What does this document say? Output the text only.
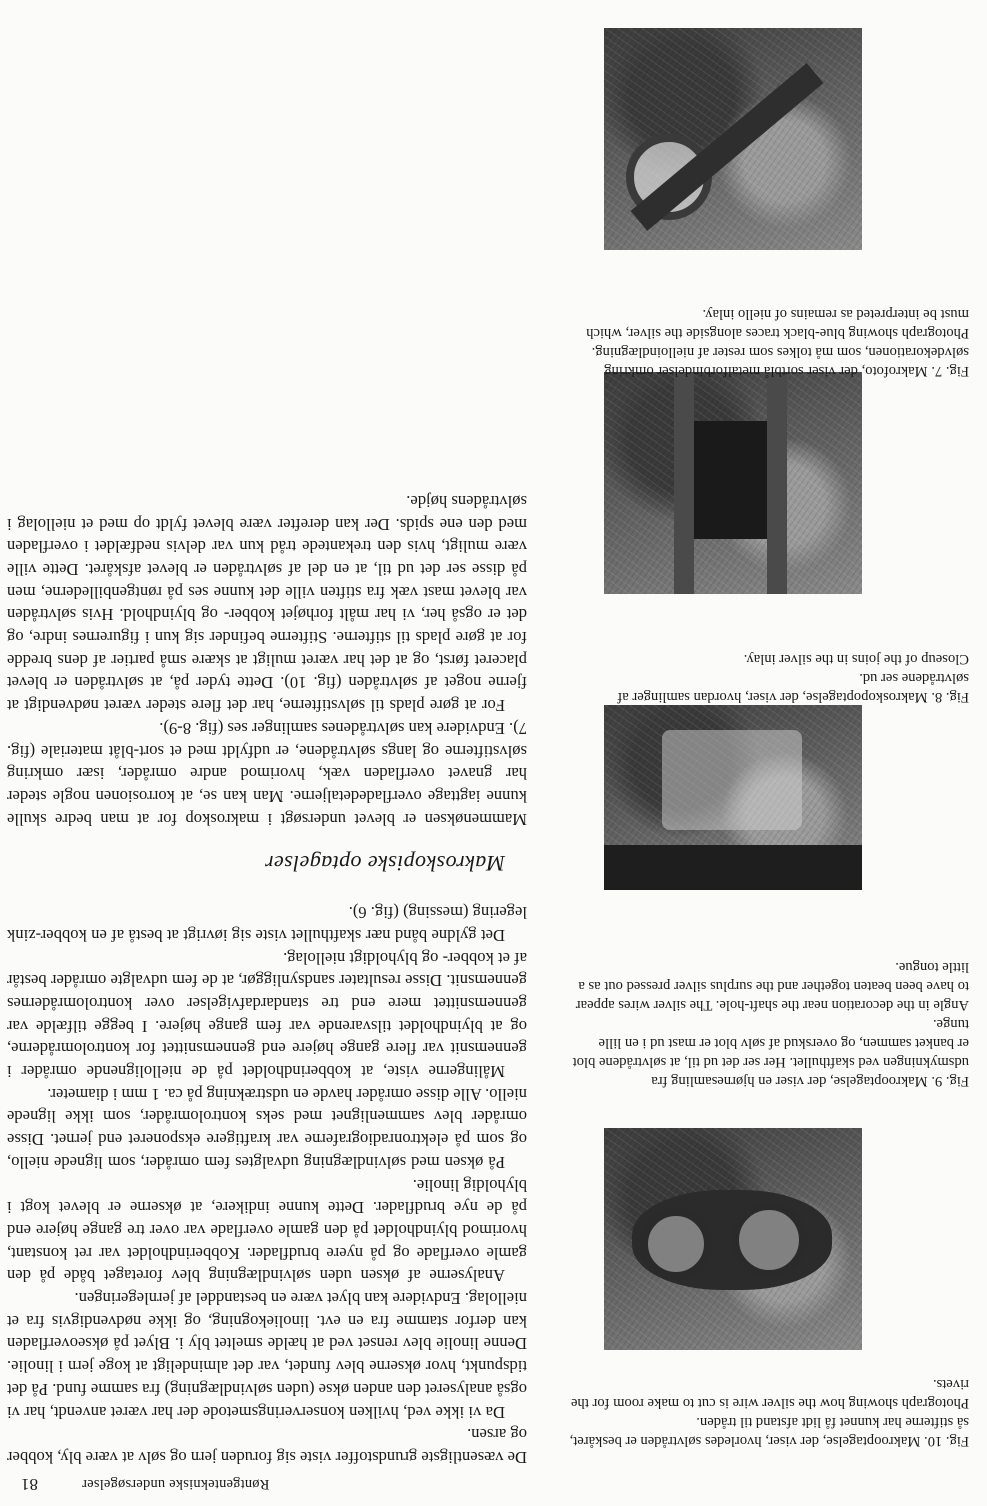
Røntgentekniske undersøgelser
81

Fig. 10. Makrooptagelse, der viser, hvorledes sølvtråden er beskåret, så stifterne har kunnet få lidt afstand til tråden.

Photograph showing how the silver wire is cut to make room for the rivets.

Fig. 9. Makrooptagelse, der viser en hjørnesamling fra udsmykningen ved skafthullet. Her ser det ud til, at sølvtrådene blot er banket sammen, og overskud af sølv blot er mast ud i en lille tunge.

Angle in the decoration near the shaft-hole. The silver wires appear to have been beaten together and the surplus silver pressed out as a little tongue.

Fig. 8. Makroskopoptagelse, der viser, hvordan samlinger af sølvtrådene ser ud.

Closeup of the joins in the silver inlay.

Fig. 7. Makrofoto, der viser sortblå metalforbindelser omkring sølvdekorationen, som må tolkes som rester af nielloindlægning.

Photograph showing blue-black traces alongside the silver, which must be interpreted as remains of niello inlay.

De væsentligste grundstoffer viste sig foruden jern og sølv at være bly, kobber og arsen.

Da vi ikke ved, hvilken konserveringsmetode der har været anvendt, har vi også analyseret den anden økse (uden sølvindlægning) fra samme fund. På det tidspunkt, hvor økserne blev fundet, var det almindeligt at koge jern i linolie. Denne linolie blev renset ved at hælde smeltet bly i. Blyet på økseoverfladen kan derfor stamme fra en evt. linoliekogning, og ikke nødvendigvis fra et niellolag. Endvidere kan blyet være en bestanddel af jernlegeringen.

Analyserne af øksen uden sølvindlægning blev foretaget både på den gamle overflade og på nyere brudflader. Kobberindholdet var ret konstant, hvorimod blyindholdet på den gamle overflade var over tre gange højere end på de nye brudflader. Dette kunne indikere, at økserne er blevet kogt i blyholdig linolie.

På øksen med sølvindlægning udvalgtes fem områder, som lignede niello, og som på elektronradiograferne var kraftigere eksponeret end jernet. Disse områder blev sammenlignet med seks kontrolområder, som ikke lignede niello. Alle disse områder havde en udstrækning på ca. 1 mm i diameter.

Målingerne viste, at kobberindholdet på de niellolignende områder i gennemsnit var flere gange højere end gennemsnittet for kontrolområderne, og at blyindholdet tilsvarende var fem gange højere. I begge tilfælde var gennemsnittet mere end tre standardafvigelser over kontrolområdernes gennemsnit. Disse resultater sandsynliggør, at de fem udvalgte områder består af et kobber- og blyholdigt niellolag.

Det gyldne bånd nær skafthullet viste sig iøvrigt at bestå af en kobber-zink legering (messing) (fig. 6).

Makroskopiske optagelser

Mammenøksen er blevet undersøgt i makroskop for at man bedre skulle kunne iagttage overfladedetaljerne. Man kan se, at korrosionen nogle steder har gnavet overfladen væk, hvorimod andre områder, især omkring sølvstifterne og langs sølvtrådene, er udfyldt med et sort-blåt materiale (fig. 7). Endvidere kan sølvtrådenes samlinger ses (fig. 8-9).

For at gøre plads til sølvstifterne, har det flere steder været nødvendigt at fjerne noget af sølvtråden (fig. 10). Dette tyder på, at sølvtråden er blevet placeret først, og at det har været muligt at skære små partier af dens bredde for at gøre plads til stifterne. Stifterne befinder sig kun i figurernes indre, og det er også her, vi har målt forhøjet kobber- og blyindhold. Hvis sølvtråden var blevet mast væk fra stiften ville det kunne ses på røntgenbillederne, men på disse ser det ud til, at en del af sølvtråden er blevet afskåret. Dette ville være muligt, hvis den trekantede tråd kun var delvis nedfældet i overfladen med den ene spids. Der kan derefter være blevet fyldt op med et niellolag i sølvtrådens højde.
